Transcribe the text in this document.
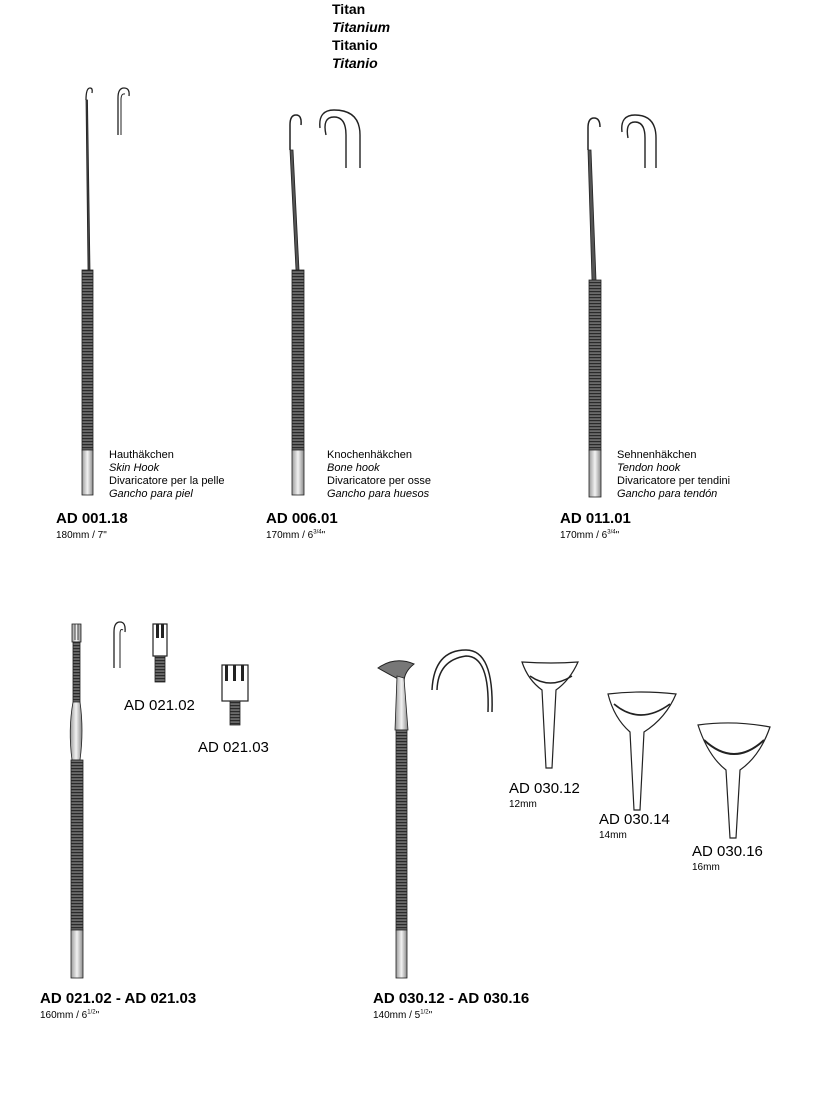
Titan
Titanium
Titanio
Titanio
Hauthäkchen
Skin Hook
Divaricatore per la pelle
Gancho para piel
AD 001.18
180mm / 7"
Knochenhäkchen
Bone hook
Divaricatore per osse
Gancho para huesos
AD 006.01
$170mm / 6^{3/4}$"
Sehnenhäkchen
Tendon hook
Divaricatore per tendini
Gancho para tendón
AD 011.01
$170mm / 6^{3/4}$"
AD 021.02
AD 021.03
AD 021.02 - AD 021.03
$160mm / 6^{1/2}$"
AD 030.12
12mm
AD 030.14
14mm
AD 030.16
16mm
AD 030.12 - AD 030.16
$140mm / 5^{1/2}$"
